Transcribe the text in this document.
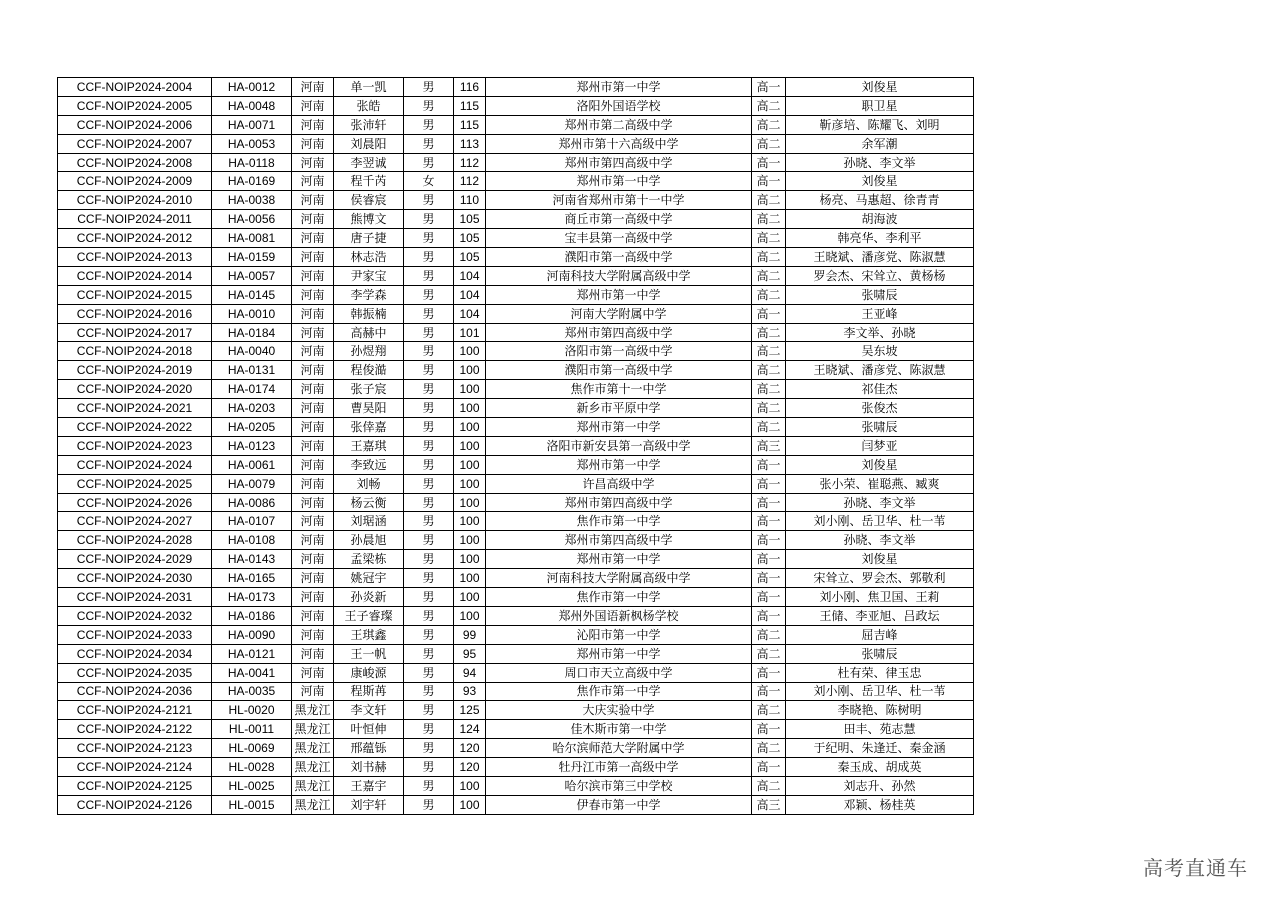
CCF-NOIP2024-2004	HA-0012	河南	单一凯	男	116	郑州市第一中学	高一	刘俊星
CCF-NOIP2024-2005	HA-0048	河南	张皓	男	115	洛阳外国语学校	高二	职卫星
CCF-NOIP2024-2006	HA-0071	河南	张沛轩	男	115	郑州市第二高级中学	高二	靳彦培、陈耀飞、刘明
CCF-NOIP2024-2007	HA-0053	河南	刘晨阳	男	113	郑州市第十六高级中学	高二	余军潮
CCF-NOIP2024-2008	HA-0118	河南	李翌诚	男	112	郑州市第四高级中学	高一	孙晓、李文举
CCF-NOIP2024-2009	HA-0169	河南	程千芮	女	112	郑州市第一中学	高一	刘俊星
CCF-NOIP2024-2010	HA-0038	河南	侯睿宸	男	110	河南省郑州市第十一中学	高二	杨亮、马惠超、徐青青
CCF-NOIP2024-2011	HA-0056	河南	熊博文	男	105	商丘市第一高级中学	高二	胡海波
CCF-NOIP2024-2012	HA-0081	河南	唐子捷	男	105	宝丰县第一高级中学	高二	韩亮华、李利平
CCF-NOIP2024-2013	HA-0159	河南	林志浩	男	105	濮阳市第一高级中学	高二	王晓斌、潘彦党、陈淑慧
CCF-NOIP2024-2014	HA-0057	河南	尹家宝	男	104	河南科技大学附属高级中学	高二	罗会杰、宋耸立、黄杨杨
CCF-NOIP2024-2015	HA-0145	河南	李学森	男	104	郑州市第一中学	高二	张啸辰
CCF-NOIP2024-2016	HA-0010	河南	韩振楠	男	104	河南大学附属中学	高一	王亚峰
CCF-NOIP2024-2017	HA-0184	河南	高赫中	男	101	郑州市第四高级中学	高二	李文举、孙晓
CCF-NOIP2024-2018	HA-0040	河南	孙煜翔	男	100	洛阳市第一高级中学	高二	吴东坡
CCF-NOIP2024-2019	HA-0131	河南	程俊澔	男	100	濮阳市第一高级中学	高二	王晓斌、潘彦党、陈淑慧
CCF-NOIP2024-2020	HA-0174	河南	张子宸	男	100	焦作市第十一中学	高二	祁佳杰
CCF-NOIP2024-2021	HA-0203	河南	曹昊阳	男	100	新乡市平原中学	高二	张俊杰
CCF-NOIP2024-2022	HA-0205	河南	张倖嘉	男	100	郑州市第一中学	高二	张啸辰
CCF-NOIP2024-2023	HA-0123	河南	王嘉琪	男	100	洛阳市新安县第一高级中学	高三	闫梦亚
CCF-NOIP2024-2024	HA-0061	河南	李致远	男	100	郑州市第一中学	高一	刘俊星
CCF-NOIP2024-2025	HA-0079	河南	刘畅	男	100	许昌高级中学	高一	张小荣、崔聪燕、臧爽
CCF-NOIP2024-2026	HA-0086	河南	杨云衡	男	100	郑州市第四高级中学	高一	孙晓、李文举
CCF-NOIP2024-2027	HA-0107	河南	刘琚涵	男	100	焦作市第一中学	高一	刘小刚、岳卫华、杜一苇
CCF-NOIP2024-2028	HA-0108	河南	孙晨旭	男	100	郑州市第四高级中学	高一	孙晓、李文举
CCF-NOIP2024-2029	HA-0143	河南	孟梁栋	男	100	郑州市第一中学	高一	刘俊星
CCF-NOIP2024-2030	HA-0165	河南	姚冠宇	男	100	河南科技大学附属高级中学	高一	宋耸立、罗会杰、郭敬利
CCF-NOIP2024-2031	HA-0173	河南	孙炎新	男	100	焦作市第一中学	高一	刘小刚、焦卫国、王莉
CCF-NOIP2024-2032	HA-0186	河南	王子睿璨	男	100	郑州外国语新枫杨学校	高一	王储、李亚旭、吕政坛
CCF-NOIP2024-2033	HA-0090	河南	王琪鑫	男	99	沁阳市第一中学	高二	屈吉峰
CCF-NOIP2024-2034	HA-0121	河南	王一帆	男	95	郑州市第一中学	高二	张啸辰
CCF-NOIP2024-2035	HA-0041	河南	康峻源	男	94	周口市天立高级中学	高一	杜有荣、律玉忠
CCF-NOIP2024-2036	HA-0035	河南	程斯苒	男	93	焦作市第一中学	高一	刘小刚、岳卫华、杜一苇
CCF-NOIP2024-2121	HL-0020	黑龙江	李文轩	男	125	大庆实验中学	高二	李晓艳、陈树明
CCF-NOIP2024-2122	HL-0011	黑龙江	叶恒伸	男	124	佳木斯市第一中学	高一	田丰、苑志慧
CCF-NOIP2024-2123	HL-0069	黑龙江	邢蕴铄	男	120	哈尔滨师范大学附属中学	高二	于纪明、朱逢迁、秦金涵
CCF-NOIP2024-2124	HL-0028	黑龙江	刘书赫	男	120	牡丹江市第一高级中学	高一	秦玉成、胡成英
CCF-NOIP2024-2125	HL-0025	黑龙江	王嘉宇	男	100	哈尔滨市第三中学校	高二	刘志升、孙然
CCF-NOIP2024-2126	HL-0015	黑龙江	刘宇轩	男	100	伊春市第一中学	高三	邓颖、杨桂英
高考直通车
